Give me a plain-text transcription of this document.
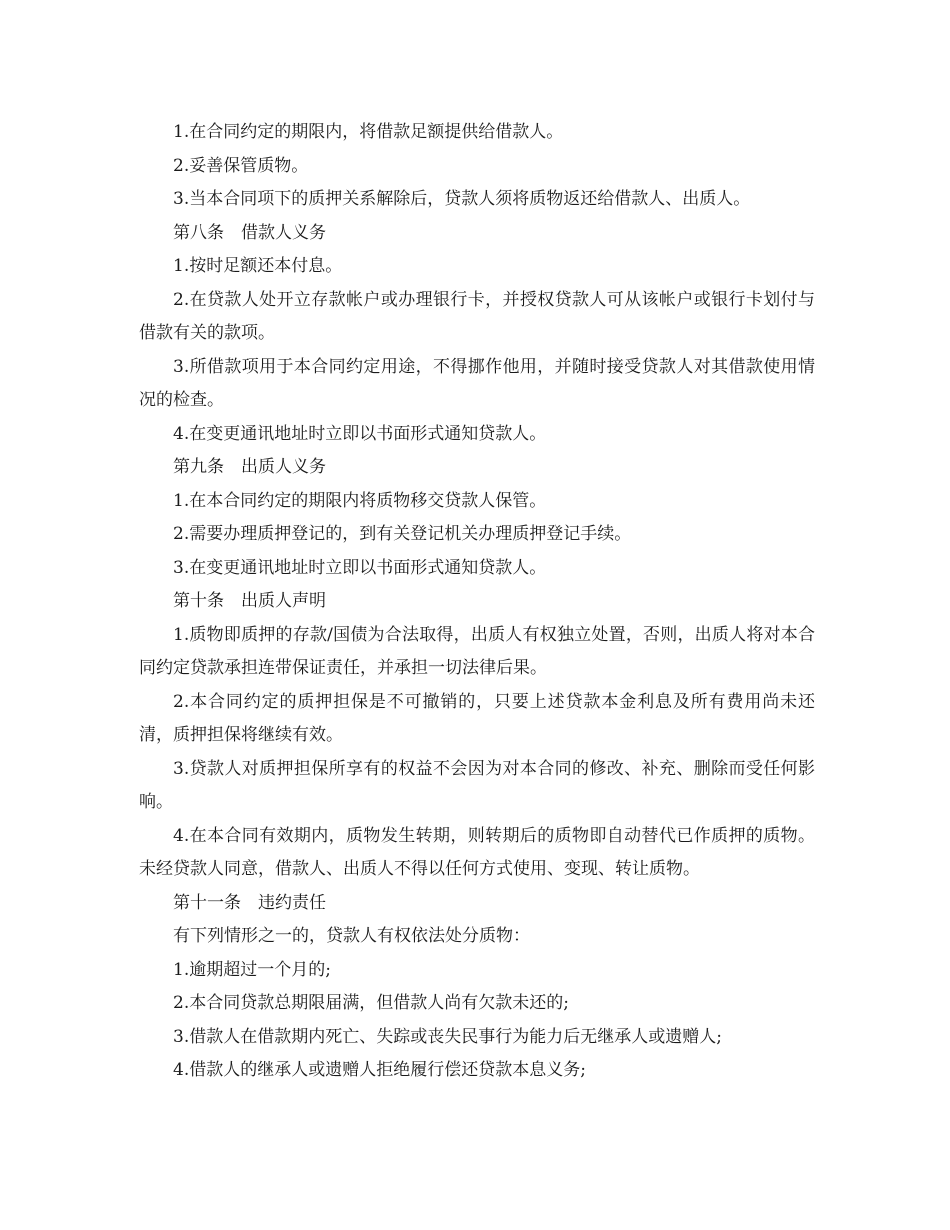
1.在合同约定的期限内，将借款足额提供给借款人。

2.妥善保管质物。

3.当本合同项下的质押关系解除后，贷款人须将质物返还给借款人、出质人。

第八条　借款人义务

1.按时足额还本付息。

2.在贷款人处开立存款帐户或办理银行卡，并授权贷款人可从该帐户或银行卡划付与借款有关的款项。

3.所借款项用于本合同约定用途，不得挪作他用，并随时接受贷款人对其借款使用情况的检查。

4.在变更通讯地址时立即以书面形式通知贷款人。

第九条　出质人义务

1.在本合同约定的期限内将质物移交贷款人保管。

2.需要办理质押登记的，到有关登记机关办理质押登记手续。

3.在变更通讯地址时立即以书面形式通知贷款人。

第十条　出质人声明

1.质物即质押的存款/国债为合法取得，出质人有权独立处置，否则，出质人将对本合同约定贷款承担连带保证责任，并承担一切法律后果。

2.本合同约定的质押担保是不可撤销的，只要上述贷款本金利息及所有费用尚未还清，质押担保将继续有效。

3.贷款人对质押担保所享有的权益不会因为对本合同的修改、补充、删除而受任何影响。

4.在本合同有效期内，质物发生转期，则转期后的质物即自动替代已作质押的质物。未经贷款人同意，借款人、出质人不得以任何方式使用、变现、转让质物。

第十一条　违约责任

有下列情形之一的，贷款人有权依法处分质物：

1.逾期超过一个月的;

2.本合同贷款总期限届满，但借款人尚有欠款未还的;

3.借款人在借款期内死亡、失踪或丧失民事行为能力后无继承人或遗赠人;

4.借款人的继承人或遗赠人拒绝履行偿还贷款本息义务;
